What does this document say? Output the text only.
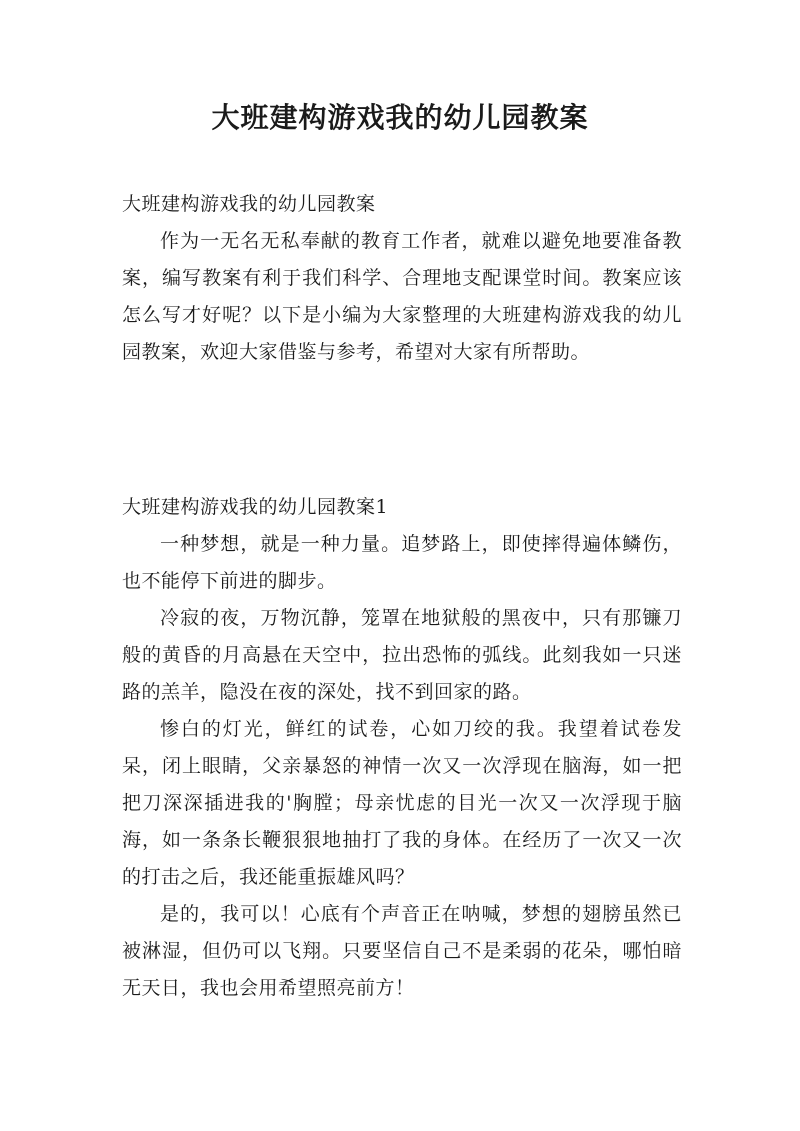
大班建构游戏我的幼儿园教案

大班建构游戏我的幼儿园教案

作为一无名无私奉献的教育工作者，就难以避免地要准备教案，编写教案有利于我们科学、合理地支配课堂时间。教案应该怎么写才好呢？以下是小编为大家整理的大班建构游戏我的幼儿园教案，欢迎大家借鉴与参考，希望对大家有所帮助。

大班建构游戏我的幼儿园教案1

一种梦想，就是一种力量。追梦路上，即使摔得遍体鳞伤，也不能停下前进的脚步。

冷寂的夜，万物沉静，笼罩在地狱般的黑夜中，只有那镰刀般的黄昏的月高悬在天空中，拉出恐怖的弧线。此刻我如一只迷路的羔羊，隐没在夜的深处，找不到回家的路。

惨白的灯光，鲜红的试卷，心如刀绞的我。我望着试卷发呆，闭上眼睛，父亲暴怒的神情一次又一次浮现在脑海，如一把把刀深深插进我的'胸膛；母亲忧虑的目光一次又一次浮现于脑海，如一条条长鞭狠狠地抽打了我的身体。在经历了一次又一次的打击之后，我还能重振雄风吗？

是的，我可以！心底有个声音正在呐喊，梦想的翅膀虽然已被淋湿，但仍可以飞翔。只要坚信自己不是柔弱的花朵，哪怕暗无天日，我也会用希望照亮前方！
